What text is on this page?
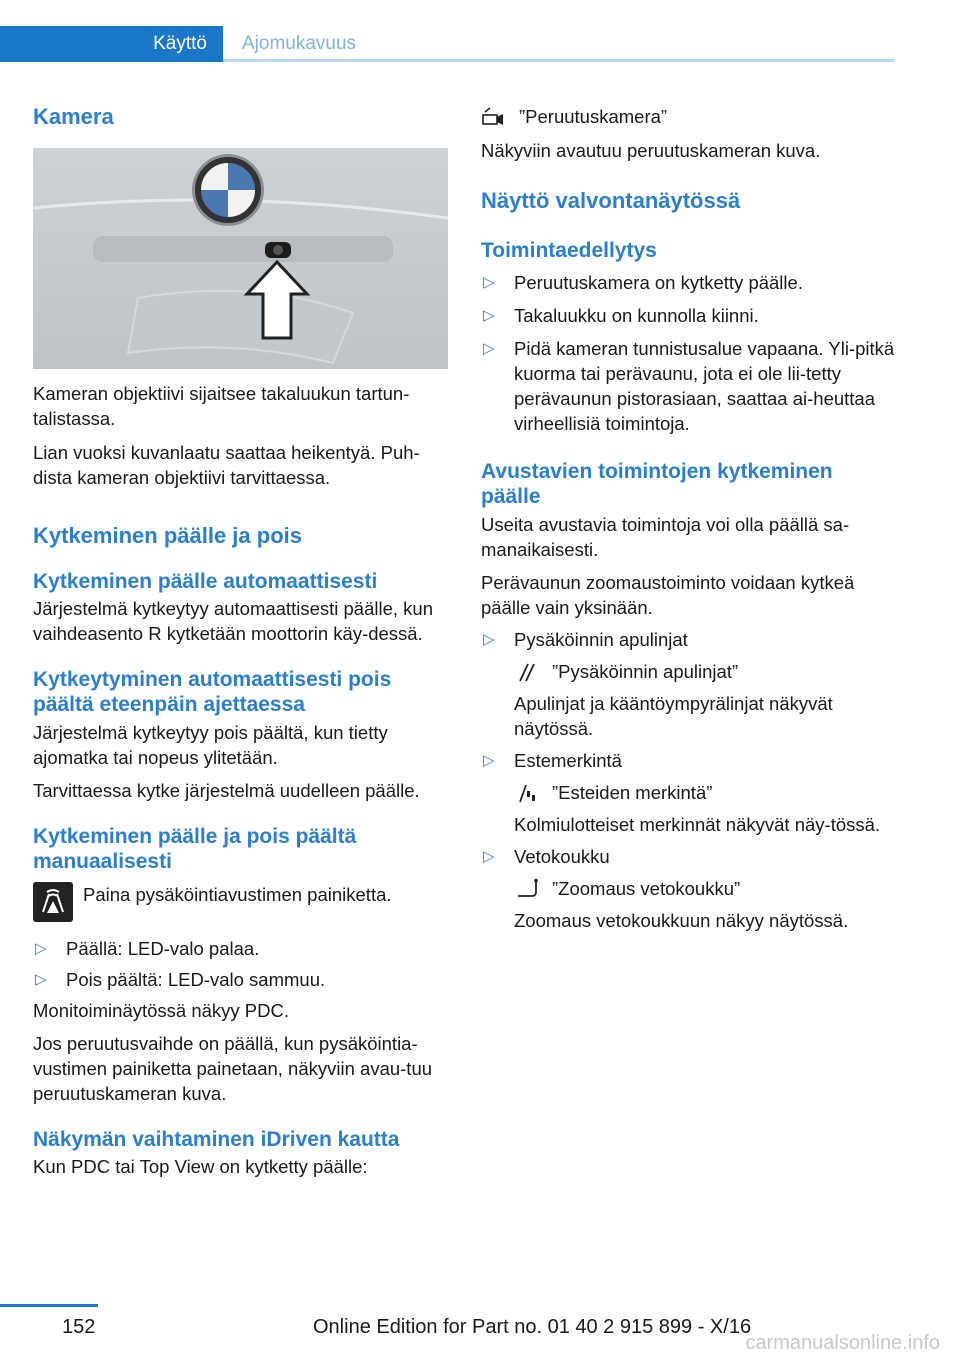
Käyttö Ajomukavuus
Kamera

Kameran objektiivi sijaitsee takaluukun tartun-talistassa.

Lian vuoksi kuvanlaatu saattaa heikentyä. Puh-dista kameran objektiivi tarvittaessa.

Kytkeminen päälle ja pois
Kytkeminen päälle automaattisesti

Järjestelmä kytkeytyy automaattisesti päälle, kun vaihdeasento R kytketään moottorin käy-dessä.

Kytkeytyminen automaattisesti pois päältä eteenpäin ajettaessa

Järjestelmä kytkeytyy pois päältä, kun tietty ajomatka tai nopeus ylitetään.

Tarvittaessa kytke järjestelmä uudelleen päälle.

Kytkeminen päälle ja pois päältä manuaalisesti

Paina pysäköintiavustimen painiketta.

▷ Päällä: LED-valo palaa.
▷ Pois päältä: LED-valo sammuu.

Monitoiminäytössä näkyy PDC.

Jos peruutusvaihde on päällä, kun pysäköintia-vustimen painiketta painetaan, näkyviin avau-tuu peruutuskameran kuva.

Näkymän vaihtaminen iDriven kautta

Kun PDC tai Top View on kytketty päälle:

”Peruutuskamera”

Näkyviin avautuu peruutuskameran kuva.

Näyttö valvontanäytössä
Toimintaedellytys
▷ Peruutuskamera on kytketty päälle.
▷ Takaluukku on kunnolla kiinni.
▷ Pidä kameran tunnistusalue vapaana. Yli-pitkä kuorma tai perävaunu, jota ei ole lii-tetty perävaunun pistorasiaan, saattaa ai-heuttaa virheellisiä toimintoja.
Avustavien toimintojen kytkeminen päälle

Useita avustavia toimintoja voi olla päällä sa-manaikaisesti.

Perävaunun zoomaustoiminto voidaan kytkeä päälle vain yksinään.

▷ Pysäköinnin apulinjat
”Pysäköinnin apulinjat”
Apulinjat ja kääntöympyrälinjat näkyvät näytössä.
▷ Estemerkintä
”Esteiden merkintä”
Kolmiulotteiset merkinnät näkyvät näy-tössä.
▷ Vetokoukku
”Zoomaus vetokoukku”
Zoomaus vetokoukkuun näkyy näytössä.
152	Online Edition for Part no. 01 40 2 915 899 - X/16
carmanualsonline.info
